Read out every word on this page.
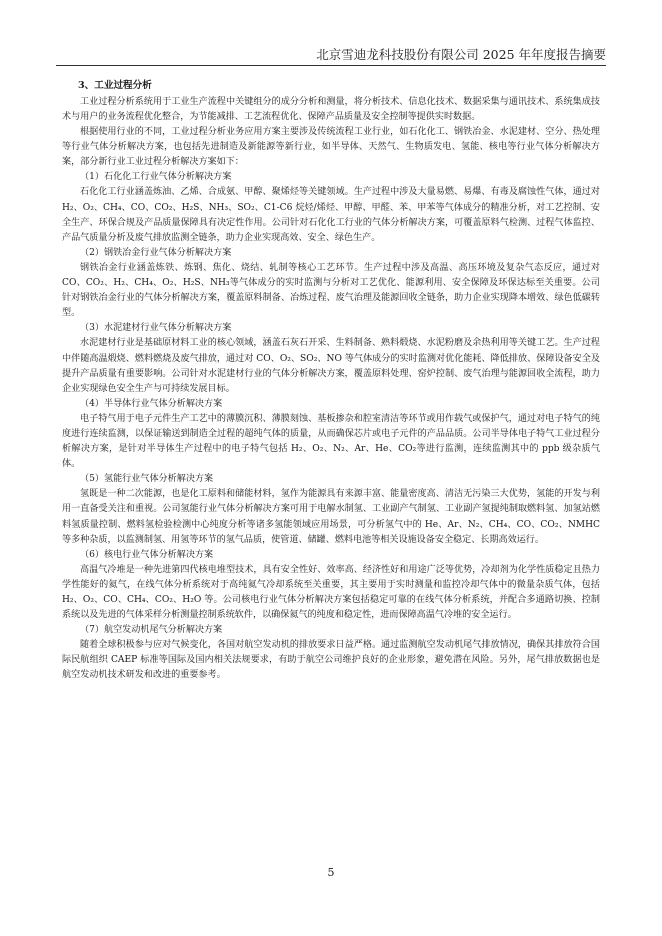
北京雪迪龙科技股份有限公司 2025 年年度报告摘要
3、工业过程分析

工业过程分析系统用于工业生产流程中关键组分的成分分析和测量，将分析技术、信息化技术、数据采集与通讯技术、系统集成技术与用户的业务流程优化整合，为节能减排、工艺流程优化、保障产品质量及安全控制等提供实时数据。

根据使用行业的不同，工业过程分析业务应用方案主要涉及传统流程工业行业，如石化化工、钢铁冶金、水泥建材、空分、热处理等行业气体分析解决方案，也包括先进制造及新能源等新行业，如半导体、天然气、生物质发电、氢能、核电等行业气体分析解决方案，部分新行业工业过程分析解决方案如下：

（1）石化化工行业气体分析解决方案

石化化工行业涵盖炼油、乙烯、合成氨、甲醇、聚烯烃等关键领域。生产过程中涉及大量易燃、易爆、有毒及腐蚀性气体，通过对 H₂、O₂、CH₄、CO、CO₂、H₂S、NH₃、SO₂、C1-C6 烷烃/烯烃、甲醇、甲醛、苯、甲苯等气体成分的精准分析，对工艺控制、安全生产、环保合规及产品质量保障具有决定性作用。公司针对石化化工行业的气体分析解决方案，可覆盖原料气检测、过程气体监控、产品气质量分析及废气排放监测全链条，助力企业实现高效、安全、绿色生产。

（2）钢铁冶金行业气体分析解决方案

钢铁冶金行业涵盖炼铁、炼钢、焦化、烧结、轧制等核心工艺环节。生产过程中涉及高温、高压环境及复杂气态反应，通过对 CO、CO₂、H₂、CH₄、O₂、H₂S、NH₃等气体成分的实时监测与分析对工艺优化、能源利用、安全保障及环保达标至关重要。公司针对钢铁冶金行业的气体分析解决方案，覆盖原料制备、冶炼过程、废气治理及能源回收全链条，助力企业实现降本增效、绿色低碳转型。

（3）水泥建材行业气体分析解决方案

水泥建材行业是基础原材料工业的核心领域，涵盖石灰石开采、生料制备、熟料煅烧、水泥粉磨及余热利用等关键工艺。生产过程中伴随高温煅烧、燃料燃烧及废气排放，通过对 CO、O₂、SO₂、NO 等气体成分的实时监测对优化能耗、降低排放、保障设备安全及提升产品质量有重要影响。公司针对水泥建材行业的气体分析解决方案，覆盖原料处理、窑炉控制、废气治理与能源回收全流程，助力企业实现绿色安全生产与可持续发展目标。

（4）半导体行业气体分析解决方案

电子特气用于电子元件生产工艺中的薄膜沉积、薄膜刻蚀、基板掺杂和腔室清洁等环节或用作载气或保护气，通过对电子特气的纯度进行连续监测，以保证输送到制造全过程的超纯气体的质量，从而确保芯片或电子元件的产品品质。公司半导体电子特气工业过程分析解决方案，是针对半导体生产过程中的电子特气包括 H₂、O₂、N₂、Ar、He、CO₂等进行监测，连续监测其中的 ppb 级杂质气体。

（5）氢能行业气体分析解决方案

氢既是一种二次能源，也是化工原料和储能材料，氢作为能源具有来源丰富、能量密度高、清洁无污染三大优势，氢能的开发与利用一直备受关注和重视。公司氢能行业气体分析解决方案可用于电解水制氢、工业副产气制氢、工业副产氢提纯制取燃料氢、加氢站燃料氢质量控制、燃料氢检验检测中心纯度分析等诸多氢能领域应用场景，可分析氢气中的 He、Ar、N₂、CH₄、CO、CO₂、NMHC 等多种杂质，以监测制氢、用氢等环节的氢气品质，使管道、储罐、燃料电池等相关设施设备安全稳定、长期高效运行。

（6）核电行业气体分析解决方案

高温气冷堆是一种先进第四代核电堆型技术，具有安全性好、效率高、经济性好和用途广泛等优势，冷却剂为化学性质稳定且热力学性能好的氦气，在线气体分析系统对于高纯氦气冷却系统至关重要，其主要用于实时测量和监控冷却气体中的微量杂质气体，包括 H₂、O₂、CO、CH₄、CO₂、H₂O 等。公司核电行业气体分析解决方案包括稳定可靠的在线气体分析系统，并配合多通路切换、控制系统以及先进的气体采样分析测量控制系统软件，以确保氦气的纯度和稳定性，进而保障高温气冷堆的安全运行。

（7）航空发动机尾气分析解决方案

随着全球积极参与应对气候变化，各国对航空发动机的排放要求日益严格。通过监测航空发动机尾气排放情况，确保其排放符合国际民航组织 CAEP 标准等国际及国内相关法规要求，有助于航空公司维护良好的企业形象，避免潜在风险。另外，尾气排放数据也是航空发动机技术研发和改进的重要参考。

5
